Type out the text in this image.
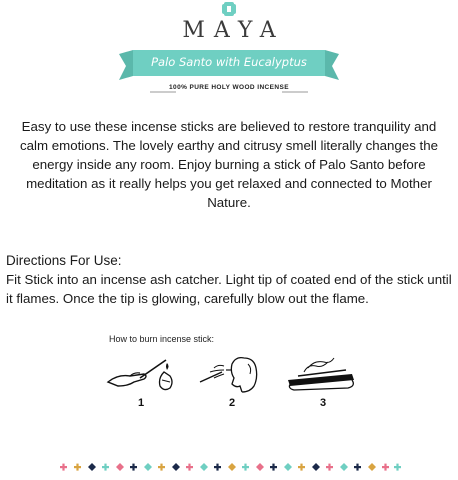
MAYA
Palo Santo with Eucalyptus
100% PURE HOLY WOOD INCENSE

Easy to use these incense sticks are believed to restore tranquility and calm emotions. The lovely earthy and citrusy smell literally changes the energy inside any room. Enjoy burning a stick of Palo Santo before meditation as it really helps you get relaxed and connected to Mother Nature.

Directions For Use:

Fit Stick into an incense ash catcher. Light tip of coated end of the stick until it flames. Once the tip is glowing, carefully blow out the flame.

How to burn incense stick:
1	2	3
